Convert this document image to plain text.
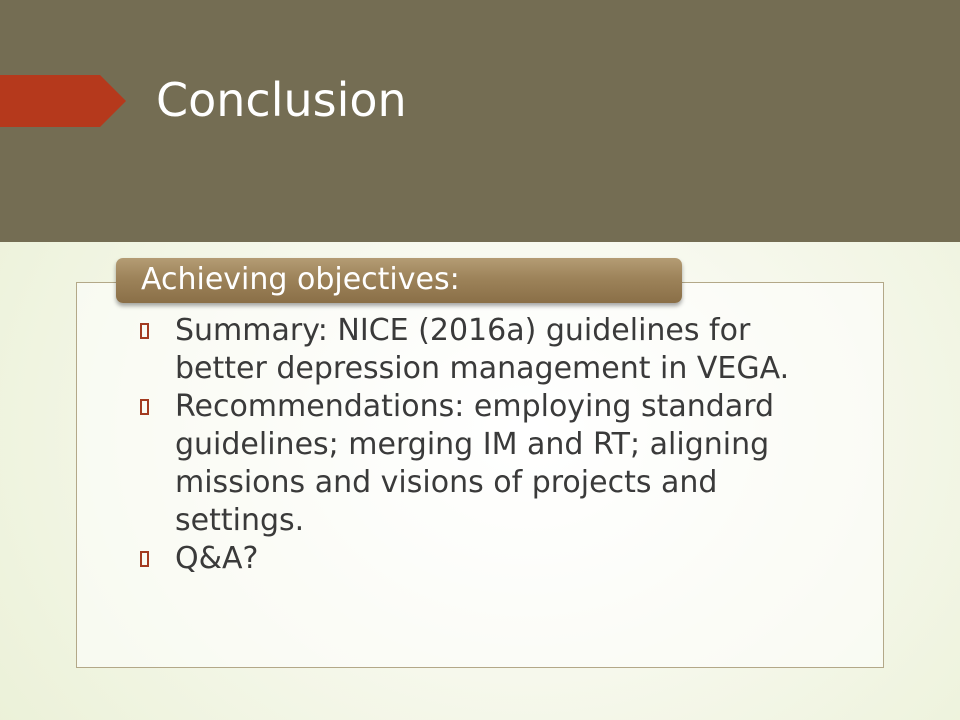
Conclusion
Achieving objectives:
Summary: NICE (2016a) guidelines for better depression management in VEGA.
Recommendations: employing standard guidelines; merging IM and RT; aligning missions and visions of projects and settings.
Q&A?
